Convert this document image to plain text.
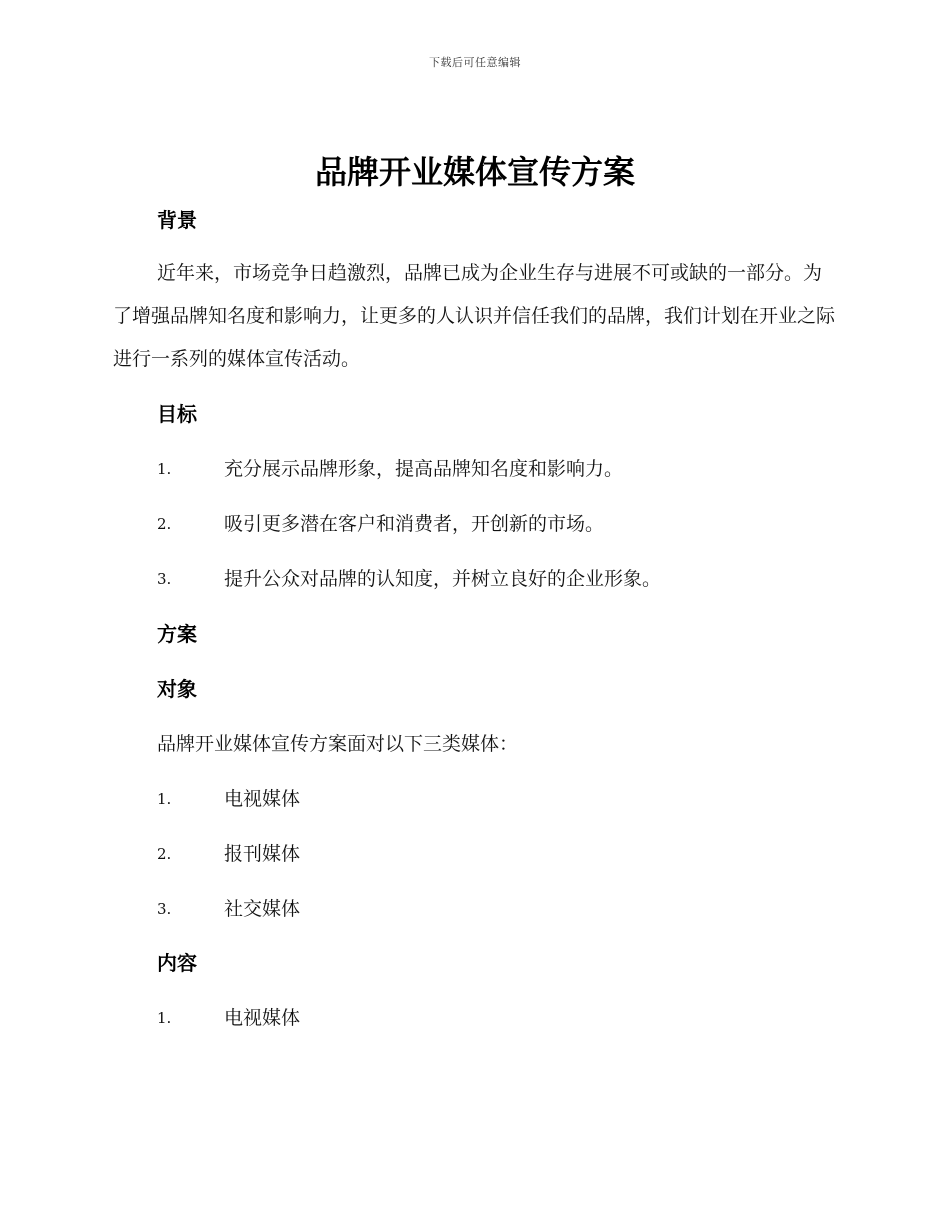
下载后可任意编辑
品牌开业媒体宣传方案
背景

近年来，市场竞争日趋激烈，品牌已成为企业生存与进展不可或缺的一部分。为了增强品牌知名度和影响力，让更多的人认识并信任我们的品牌，我们计划在开业之际进行一系列的媒体宣传活动。

目标
1.	充分展示品牌形象，提高品牌知名度和影响力。
2.	吸引更多潜在客户和消费者，开创新的市场。
3.	提升公众对品牌的认知度，并树立良好的企业形象。
方案
对象

品牌开业媒体宣传方案面对以下三类媒体：

1.	电视媒体
2.	报刊媒体
3.	社交媒体
内容
1.	电视媒体
